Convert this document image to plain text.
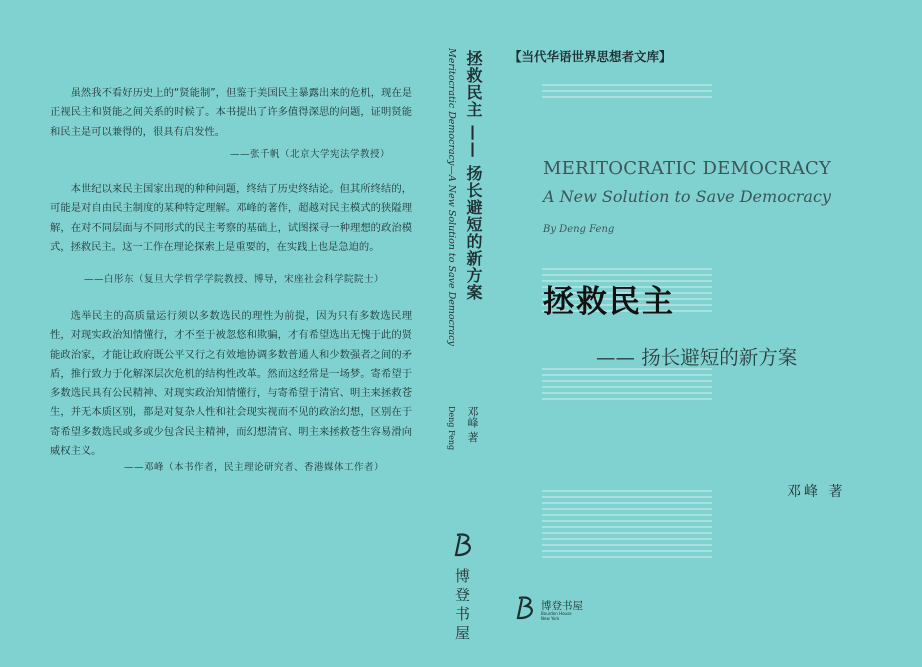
虽然我不看好历史上的“贤能制”，但鉴于美国民主暴露出来的危机，现在是正视民主和贤能之间关系的时候了。本书提出了许多值得深思的问题，证明贤能和民主是可以兼得的，很具有启发性。
——张千帆（北京大学宪法学教授）
本世纪以来民主国家出现的种种问题，终结了历史终结论。但其所终结的，可能是对自由民主制度的某种特定理解。邓峰的著作，超越对民主模式的狭隘理解，在对不同层面与不同形式的民主考察的基础上，试图探寻一种理想的政治模式，拯救民主。这一工作在理论探索上是重要的，在实践上也是急迫的。
——白彤东（复旦大学哲学学院教授、博导，宋座社会科学院院士）
选举民主的高质量运行须以多数选民的理性为前提，因为只有多数选民理性，对现实政治知情懂行，才不至于被忽悠和欺骗，才有希望选出无愧于此的贤能政治家，才能让政府既公平又行之有效地协调多数普通人和少数强者之间的矛盾，推行致力于化解深层次危机的结构性改革。然而这经常是一场梦。寄希望于多数选民具有公民精神、对现实政治知情懂行，与寄希望于清官、明主来拯救苍生，并无本质区别，都是对复杂人性和社会现实视而不见的政治幻想，区别在于寄希望多数选民或多或少包含民主精神，而幻想清官、明主来拯救苍生容易滑向威权主义。
——邓峰（本书作者，民主理论研究者、香港媒体工作者）
拯救民主 —— 扬长避短的新方案
Meritocratic Democracy—A New Solution to Save Democracy
邓峰 著
Deng Feng
博登书屋
【当代华语世界思想者文库】
MERITOCRATIC DEMOCRACY
A New Solution to Save Democracy
By Deng Feng
拯救民主
—— 扬长避短的新方案
邓峰 著
博登书屋
Bourdon House
New York
